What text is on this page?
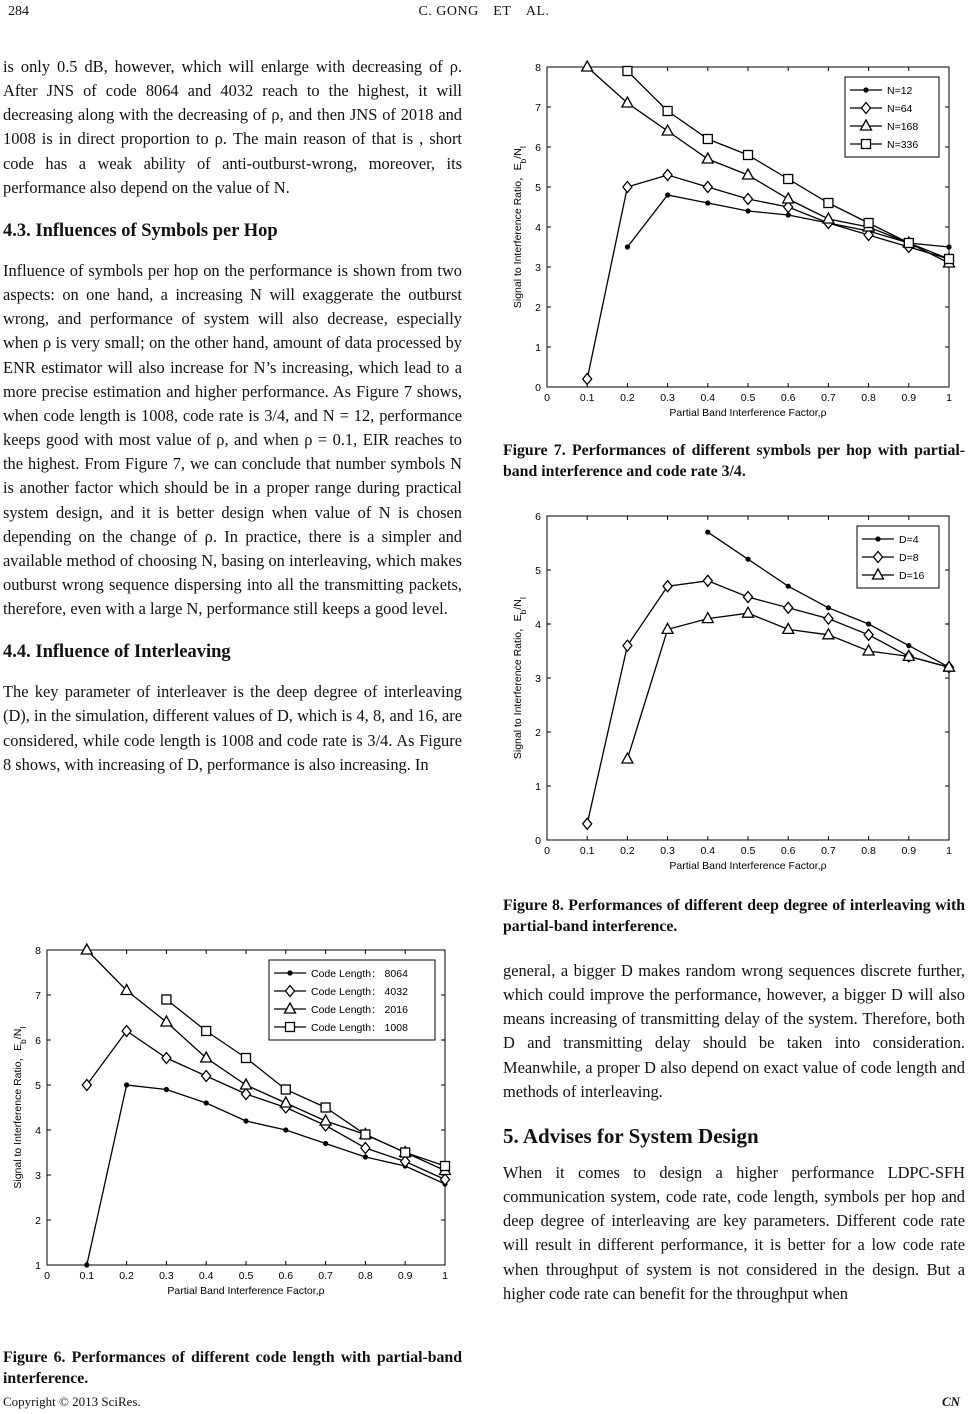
284	C. GONG ET AL.

is only 0.5 dB, however, which will enlarge with decreasing of ρ. After JNS of code 8064 and 4032 reach to the highest, it will decreasing along with the decreasing of ρ, and then JNS of 2018 and 1008 is in direct proportion to ρ. The main reason of that is , short code has a weak ability of anti-outburst-wrong, moreover, its performance also depend on the value of N.

4.3. Influences of Symbols per Hop

Influence of symbols per hop on the performance is shown from two aspects: on one hand, a increasing N will exaggerate the outburst wrong, and performance of system will also decrease, especially when ρ is very small; on the other hand, amount of data processed by ENR estimator will also increase for N’s increasing, which lead to a more precise estimation and higher performance. As Figure 7 shows, when code length is 1008, code rate is 3/4, and N = 12, performance keeps good with most value of ρ, and when ρ = 0.1, EIR reaches to the highest. From Figure 7, we can conclude that number symbols N is another factor which should be in a proper range during practical system design, and it is better design when value of N is chosen depending on the change of ρ. In practice, there is a simpler and available method of choosing N, basing on interleaving, which makes outburst wrong sequence dispersing into all the transmitting packets, therefore, even with a large N, performance still keeps a good level.

4.4. Influence of Interleaving

The key parameter of interleaver is the deep degree of interleaving (D), in the simulation, different values of D, which is 4, 8, and 16, are considered, while code length is 1008 and code rate is 3/4. As Figure 8 shows, with increasing of D, performance is also increasing. In

0	0.1 0.2 0.3 0.4 0.5 0.6 0.7 0.8 0.9	1
1
2
3
4
5
6
7
8
Partial Band Interference Factor,ρ
Signal to Interference Ratio，$E_b/N_I$
Code Length： 8064
Code Length： 4032
Code Length： 2016
Code Length： 1008
Figure 6. Performances of different code length with partial-band interference.
0	0.1 0.2 0.3 0.4 0.5 0.6 0.7 0.8 0.9	1
0
1
2
3
4
5
6
7
8
Partial Band Interference Factor,ρ
Signal to Interference Ratio，$E_b/N_I$
N=12
N=64
N=168
N=336
Figure 7. Performances of different symbols per hop with partial-band interference and code rate 3/4.
0	0.1 0.2 0.3 0.4 0.5 0.6 0.7 0.8 0.9	1
0
1
2
3
4
5
6
Partial Band Interference Factor,ρ
Signal to Interference Ratio，$E_b/N_I$
D=4
D=8
D=16
Figure 8. Performances of different deep degree of interleaving with partial-band interference.

general, a bigger D makes random wrong sequences discrete further, which could improve the performance, however, a bigger D will also means increasing of transmitting delay of the system. Therefore, both D and transmitting delay should be taken into consideration. Meanwhile, a proper D also depend on exact value of code length and methods of interleaving.

5. Advises for System Design

When it comes to design a higher performance LDPC-SFH communication system, code rate, code length, symbols per hop and deep degree of interleaving are key parameters. Different code rate will result in different performance, it is better for a low code rate when throughput of system is not considered in the design. But a higher code rate can benefit for the throughput when

Copyright © 2013 SciRes.	CN
